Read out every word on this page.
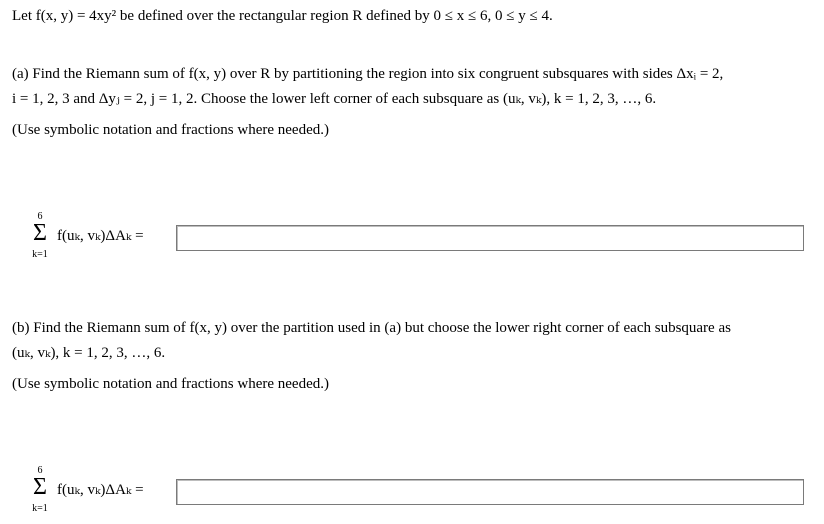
Let f(x, y) = 4xy² be defined over the rectangular region R defined by 0 ≤ x ≤ 6, 0 ≤ y ≤ 4.
(a) Find the Riemann sum of f(x, y) over R by partitioning the region into six congruent subsquares with sides Δxᵢ = 2,
i = 1, 2, 3 and Δyⱼ = 2, j = 1, 2. Choose the lower left corner of each subsquare as (uₖ, vₖ), k = 1, 2, 3, …, 6.
(Use symbolic notation and fractions where needed.)
6
Σ
k=1
f(uₖ, vₖ)ΔAₖ =
(b) Find the Riemann sum of f(x, y) over the partition used in (a) but choose the lower right corner of each subsquare as
(uₖ, vₖ), k = 1, 2, 3, …, 6.
(Use symbolic notation and fractions where needed.)
6
Σ
k=1
f(uₖ, vₖ)ΔAₖ =
